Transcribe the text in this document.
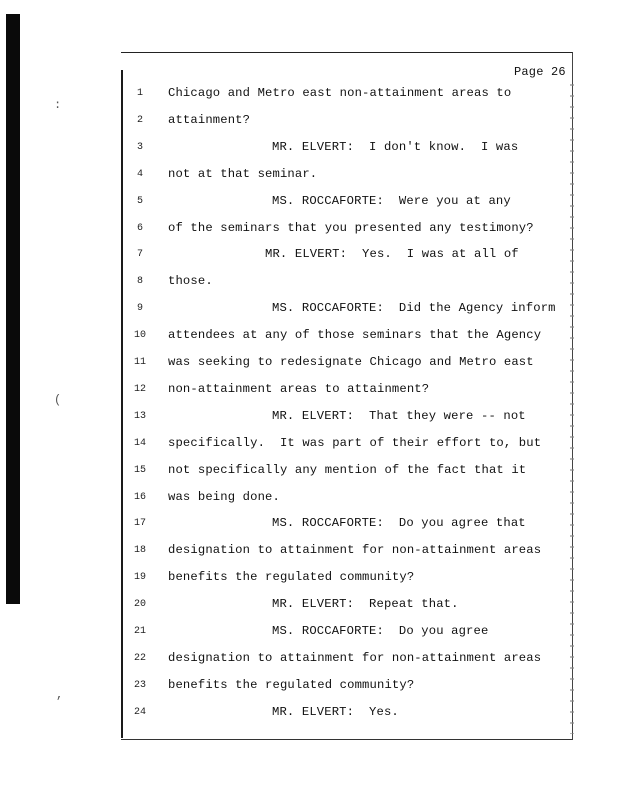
:
(
,
Page 26
1	Chicago and Metro east non-attainment areas to
2	attainment?
3	MR. ELVERT:  I don't know.  I was
4	not at that seminar.
5	MS. ROCCAFORTE:  Were you at any
6	of the seminars that you presented any testimony?
7	MR. ELVERT:  Yes.  I was at all of
8	those.
9	MS. ROCCAFORTE:  Did the Agency inform
10	attendees at any of those seminars that the Agency
11	was seeking to redesignate Chicago and Metro east
12	non-attainment areas to attainment?
13	MR. ELVERT:  That they were -- not
14	specifically.  It was part of their effort to, but
15	not specifically any mention of the fact that it
16	was being done.
17	MS. ROCCAFORTE:  Do you agree that
18	designation to attainment for non-attainment areas
19	benefits the regulated community?
20	MR. ELVERT:  Repeat that.
21	MS. ROCCAFORTE:  Do you agree
22	designation to attainment for non-attainment areas
23	benefits the regulated community?
24	MR. ELVERT:  Yes.
